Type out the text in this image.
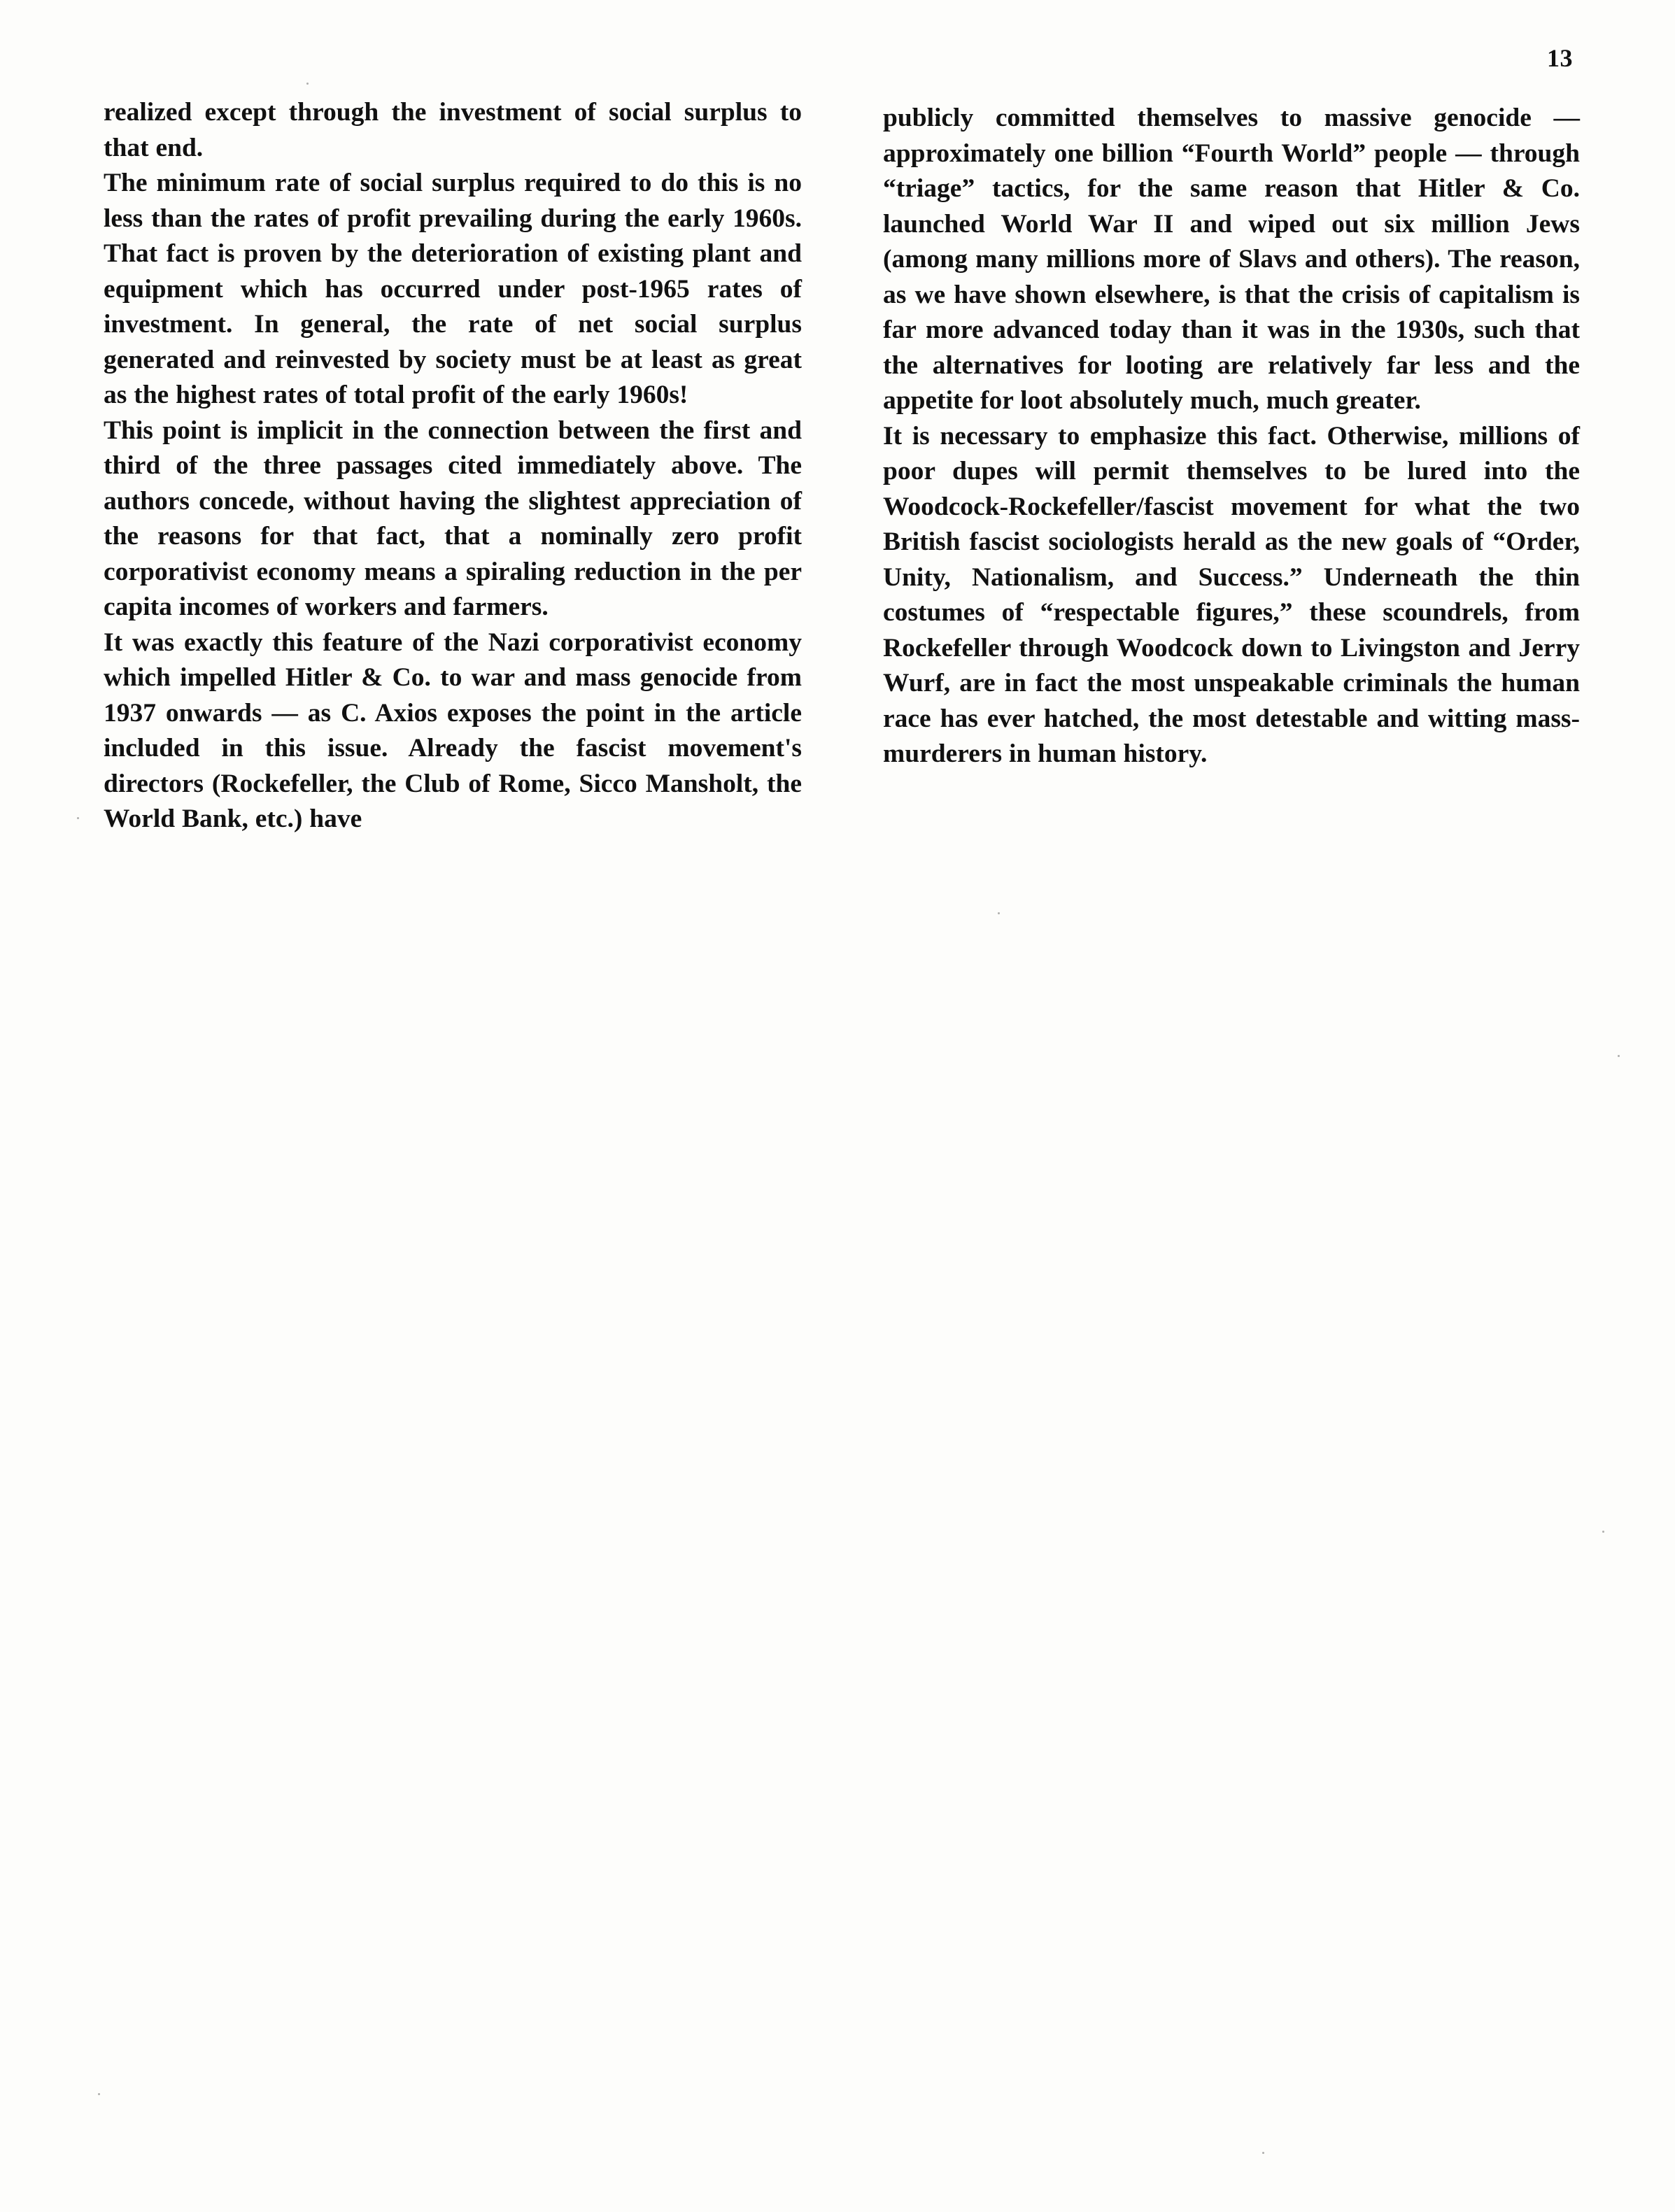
13

realized except through the investment of social surplus to that end.

The minimum rate of social surplus required to do this is no less than the rates of profit prevailing during the early 1960s. That fact is proven by the deterioration of existing plant and equipment which has occurred under post-1965 rates of investment. In general, the rate of net social surplus generated and reinvested by society must be at least as great as the highest rates of total profit of the early 1960s!

This point is implicit in the connection between the first and third of the three passages cited immediately above. The authors concede, without having the slightest appreciation of the reasons for that fact, that a nominally zero profit corporativist economy means a spiraling reduction in the per capita incomes of workers and farmers.

It was exactly this feature of the Nazi corporativist economy which impelled Hitler & Co. to war and mass genocide from 1937 onwards — as C. Axios exposes the point in the article included in this issue. Already the fascist movement's directors (Rockefeller, the Club of Rome, Sicco Mansholt, the World Bank, etc.) have

publicly committed themselves to massive genocide — approximately one billion “Fourth World” people — through “triage” tactics, for the same reason that Hitler & Co. launched World War II and wiped out six million Jews (among many millions more of Slavs and others). The reason, as we have shown elsewhere, is that the crisis of capitalism is far more advanced today than it was in the 1930s, such that the alternatives for looting are relatively far less and the appetite for loot absolutely much, much greater.

It is necessary to emphasize this fact. Otherwise, millions of poor dupes will permit themselves to be lured into the Woodcock-Rockefeller/fascist movement for what the two British fascist sociologists herald as the new goals of “Order, Unity, Nationalism, and Success.” Underneath the thin costumes of “respectable figures,” these scoundrels, from Rockefeller through Woodcock down to Livingston and Jerry Wurf, are in fact the most unspeakable criminals the human race has ever hatched, the most detestable and witting mass-murderers in human history.
